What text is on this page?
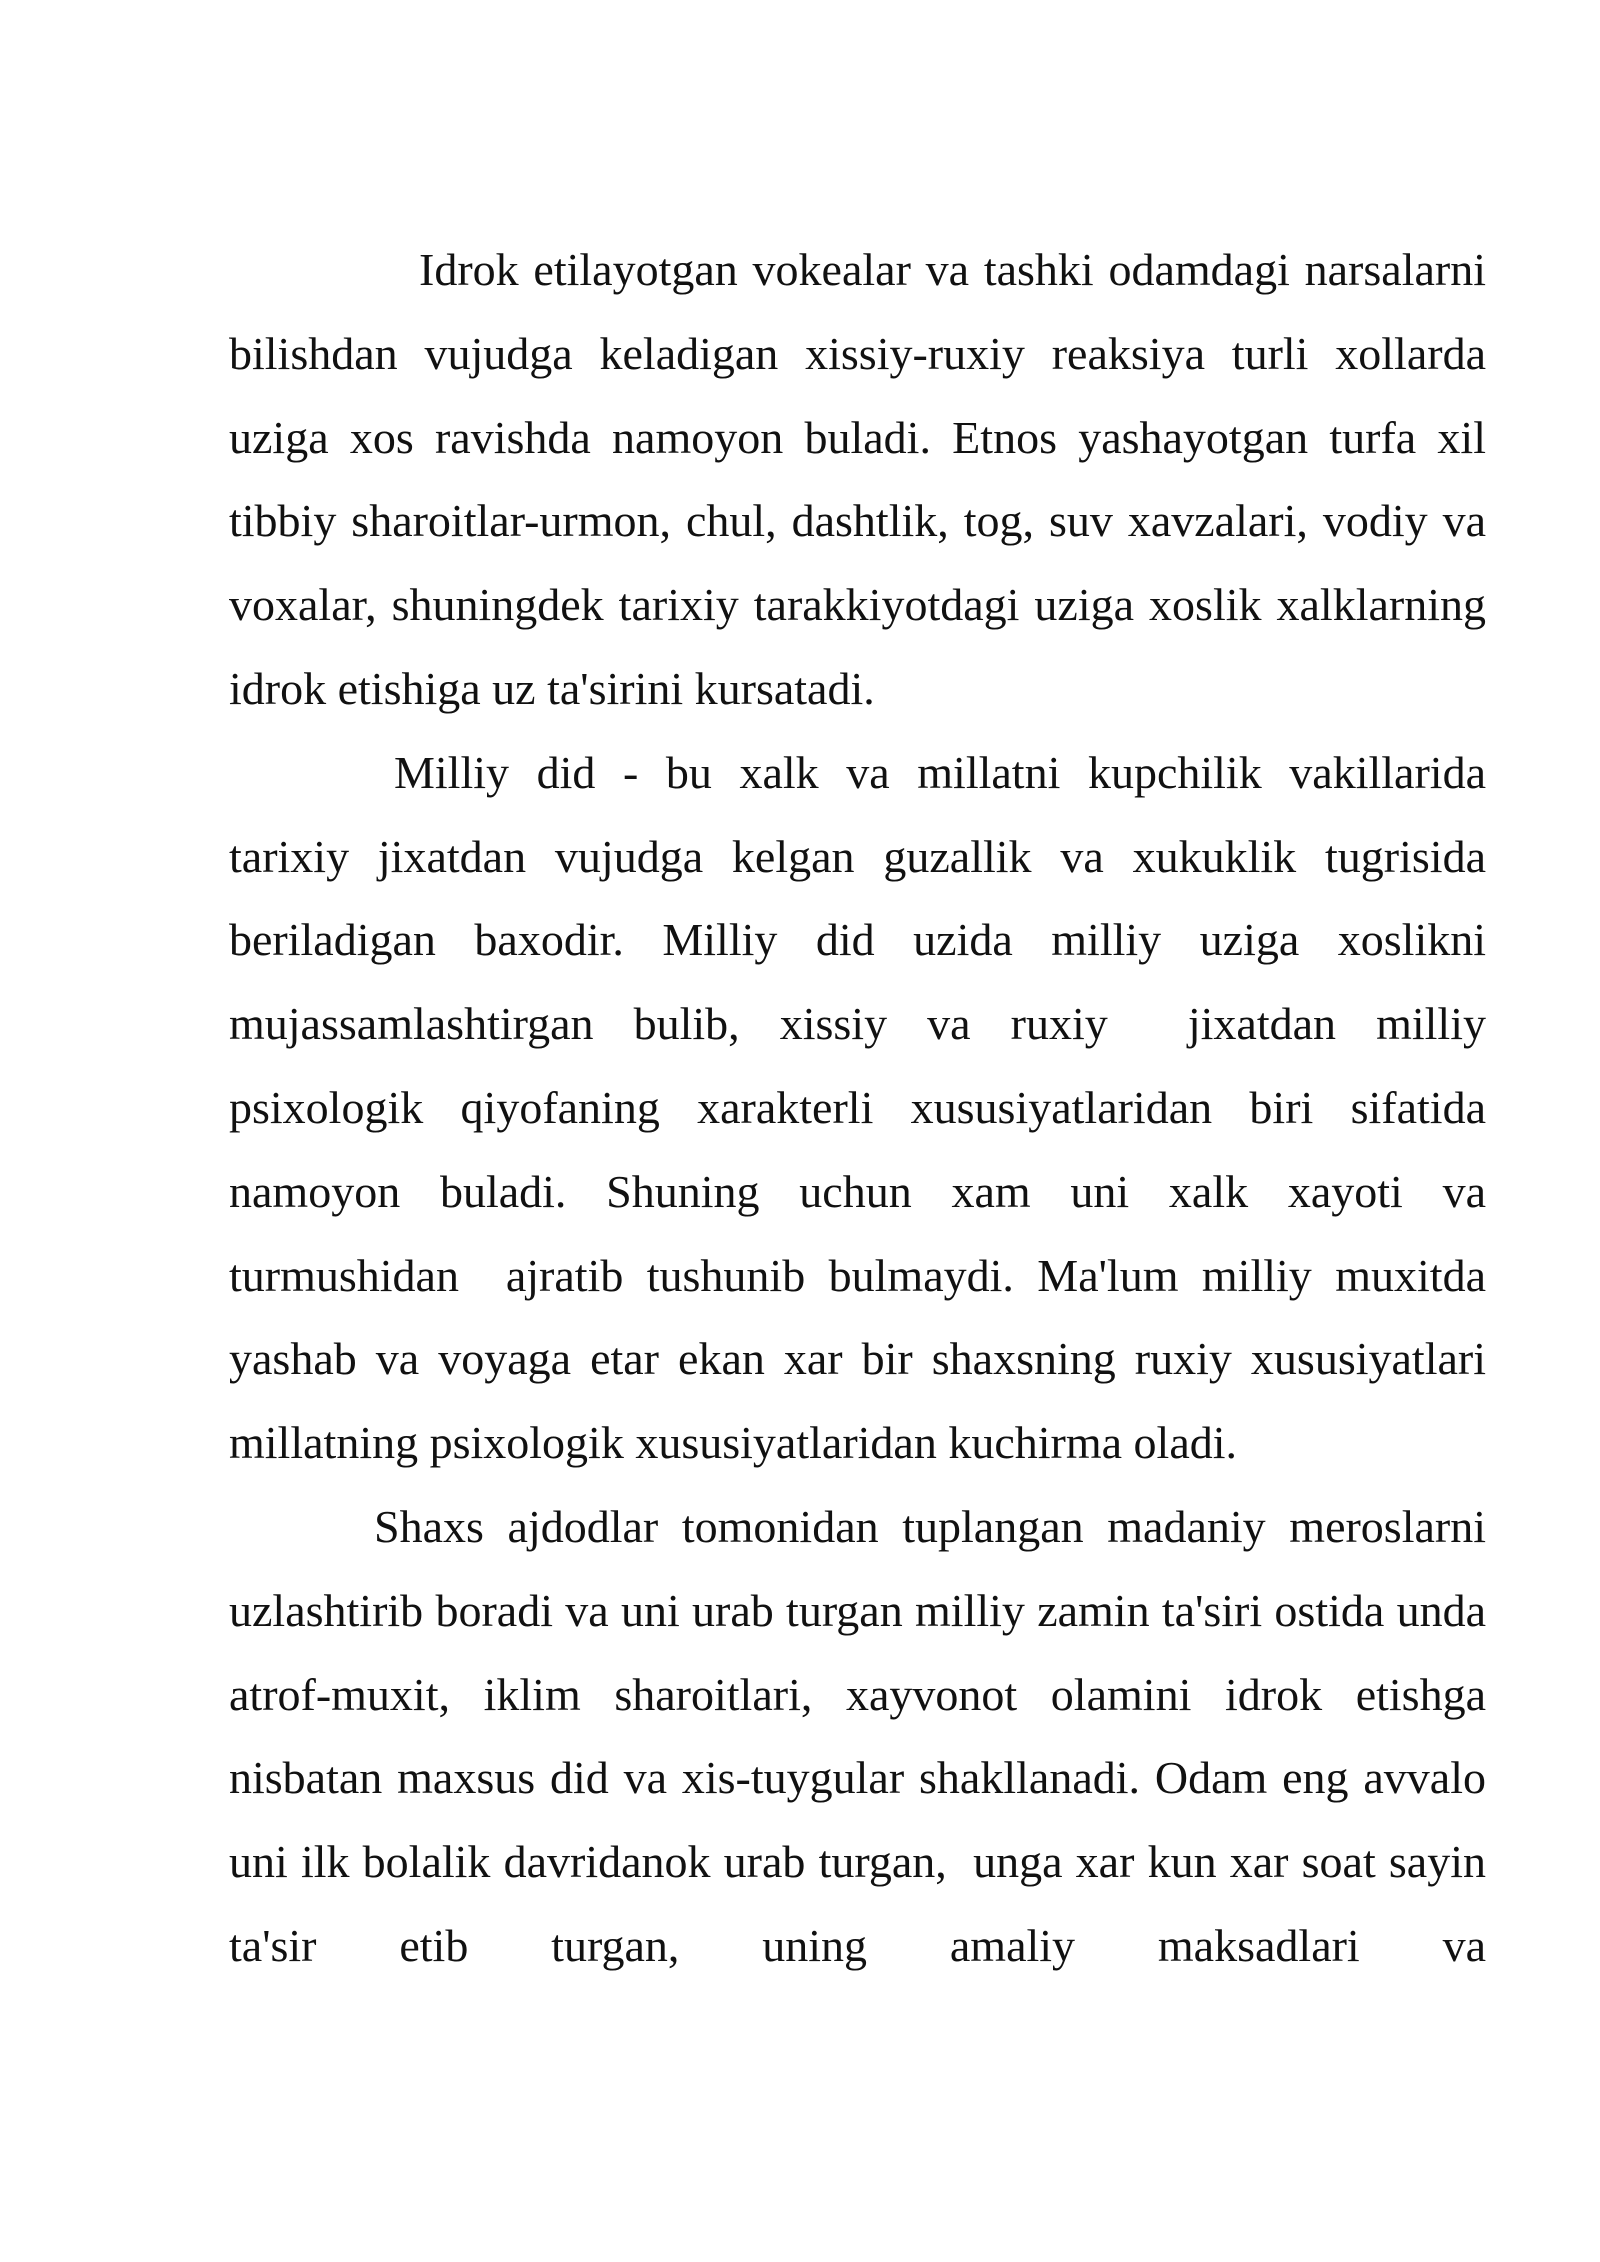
Idrok etilayotgan vokealar va tashki odamdagi narsalarni bilishdan vujudga keladigan xissiy-ruxiy reaksiya turli xollarda uziga xos ravishda namoyon buladi. Etnos yashayotgan turfa xil tibbiy sharoitlar-urmon, chul, dashtlik, tog, suv xavzalari, vodiy va voxalar, shuningdek tarixiy tarakkiyotdagi uziga xoslik xalklarning idrok etishiga uz ta'sirini kursatadi.

Milliy did - bu xalk va millatni kupchilik vakillarida tarixiy jixatdan vujudga kelgan guzallik va xukuklik tugrisida beriladigan baxodir. Milliy did uzida milliy uziga xoslikni mujassamlashtirgan bulib, xissiy va ruxiy  jixatdan milliy psixologik qiyofaning xarakterli xususiyatlaridan biri sifatida namoyon buladi. Shuning uchun xam uni xalk xayoti va turmushidan  ajratib tushunib bulmaydi. Ma'lum milliy muxitda yashab va voyaga etar ekan xar bir shaxsning ruxiy xususiyatlari millatning psixologik xususiyatlaridan kuchirma oladi.

Shaxs ajdodlar tomonidan tuplangan madaniy meroslarni uzlashtirib boradi va uni urab turgan milliy zamin ta'siri ostida unda atrof-muxit, iklim sharoitlari, xayvonot olamini idrok etishga nisbatan maxsus did va xis-tuygular shakllanadi. Odam eng avvalo uni ilk bolalik davridanok urab turgan,  unga xar kun xar soat sayin ta'sir etib turgan, uning amaliy maksadlari va
